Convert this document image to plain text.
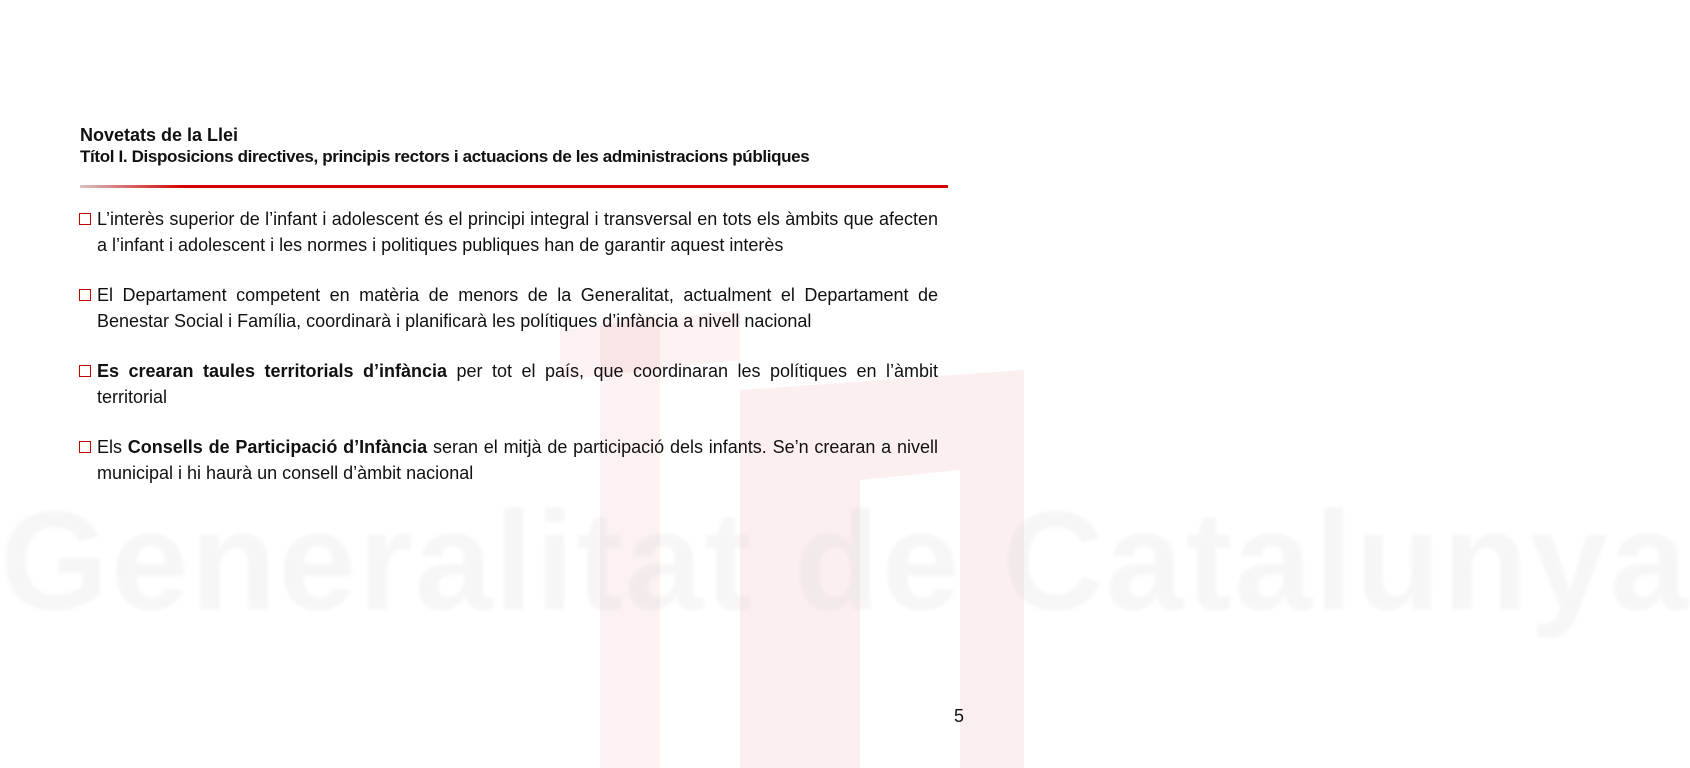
Generalitat de Catalunya
Novetats de la Llei
Títol I. Disposicions directives, principis rectors i actuacions de les administracions públiques
L’interès superior de l’infant i adolescent és el principi integral i transversal en tots els àmbits que afecten a l’infant i adolescent i les normes i politiques publiques han de garantir aquest interès
El Departament competent en matèria de menors de la Generalitat, actualment el Departament de Benestar Social i Família, coordinarà i planificarà les polítiques d’infància a nivell nacional
Es crearan taules territorials d’infància per tot el país, que coordinaran les polítiques en l’àmbit territorial
Els Consells de Participació d’Infància seran el mitjà de participació dels infants. Se’n crearan a nivell municipal i hi haurà un consell d’àmbit nacional
5
